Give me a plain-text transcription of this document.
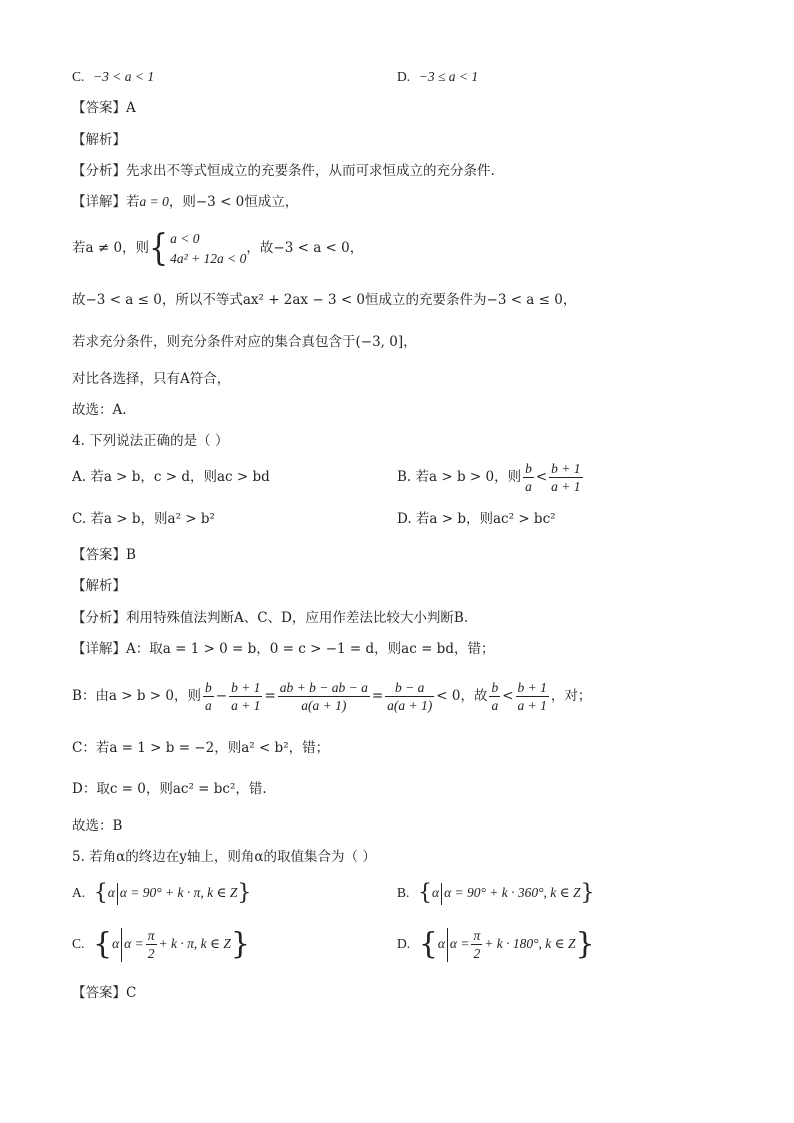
C. −3 < a < 1	D. −3 ≤ a < 1
【答案】A
【解析】
【分析】先求出不等式恒成立的充要条件，从而可求恒成立的充分条件.
【详解】若a = 0，则−3 < 0恒成立，
若a ≠ 0，则{ a < 0
4a² + 12a < 0
，故−3 < a < 0，
故−3 < a ≤ 0，所以不等式ax² + 2ax − 3 < 0恒成立的充要条件为−3 < a ≤ 0，
若求充分条件，则充分条件对应的集合真包含于(−3, 0]，
对比各选择，只有A符合，
故选：A.
4. 下列说法正确的是（ ）
A. 若a > b，c > d，则ac > bd	B. 若a > b > 0，则 $\frac{b}{a} < \frac{b + 1}{a + 1}$
C. 若a > b，则a² > b²	D. 若a > b，则ac² > bc²
【答案】B
【解析】
【分析】利用特殊值法判断A、C、D，应用作差法比较大小判断B.
【详解】A：取a = 1 > 0 = b，0 = c > −1 = d，则ac = bd，错；
B：由a > b > 0，则 $\frac{b}{a} - \frac{b + 1}{a + 1} = \frac{ab + b - ab - a}{a(a + 1)} = \frac{b - a}{a(a + 1)} < 0$，故 $\frac{b}{a} < \frac{b + 1}{a + 1}$ ，对；
C：若a = 1 > b = −2，则a² < b²，错；
D：取c = 0，则ac² = bc²，错.
故选：B
5. 若角α的终边在y轴上，则角α的取值集合为（ ）
A. {α α = 90° + k · π, k ∈ Z}	B. {α α = 90° + k · 360°, k ∈ Z}
C. {α $\alpha = \frac{\pi}{2} + k \cdot \pi$, k ∈ Z}	D. {α $\alpha = \frac{\pi}{2} + k \cdot 180^\circ$, k ∈ Z}
【答案】C
